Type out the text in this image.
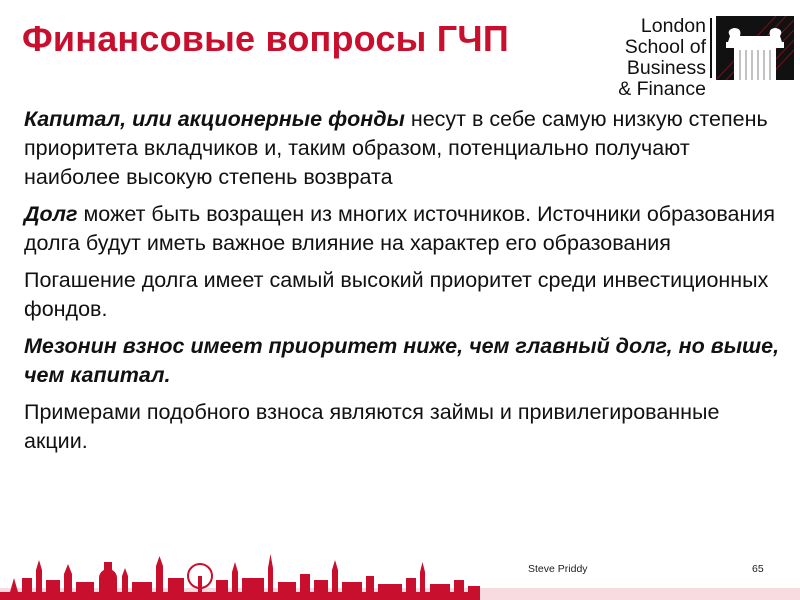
Финансовые вопросы ГЧП	London
School of Business
& Finance

Капитал, или акционерные фонды несут в себе самую низкую степень приоритета вкладчиков и, таким образом, потенциально получают наиболее высокую степень возврата

Долг может быть возращен из многих источников. Источники образования долга будут иметь важное влияние на характер его образования

Погашение долга имеет самый высокий приоритет среди инвестиционных фондов.

Мезонин взнос имеет приоритет ниже, чем главный долг, но выше, чем капитал.

Примерами подобного взноса являются займы и привилегированные акции.

Steve Priddy	65
